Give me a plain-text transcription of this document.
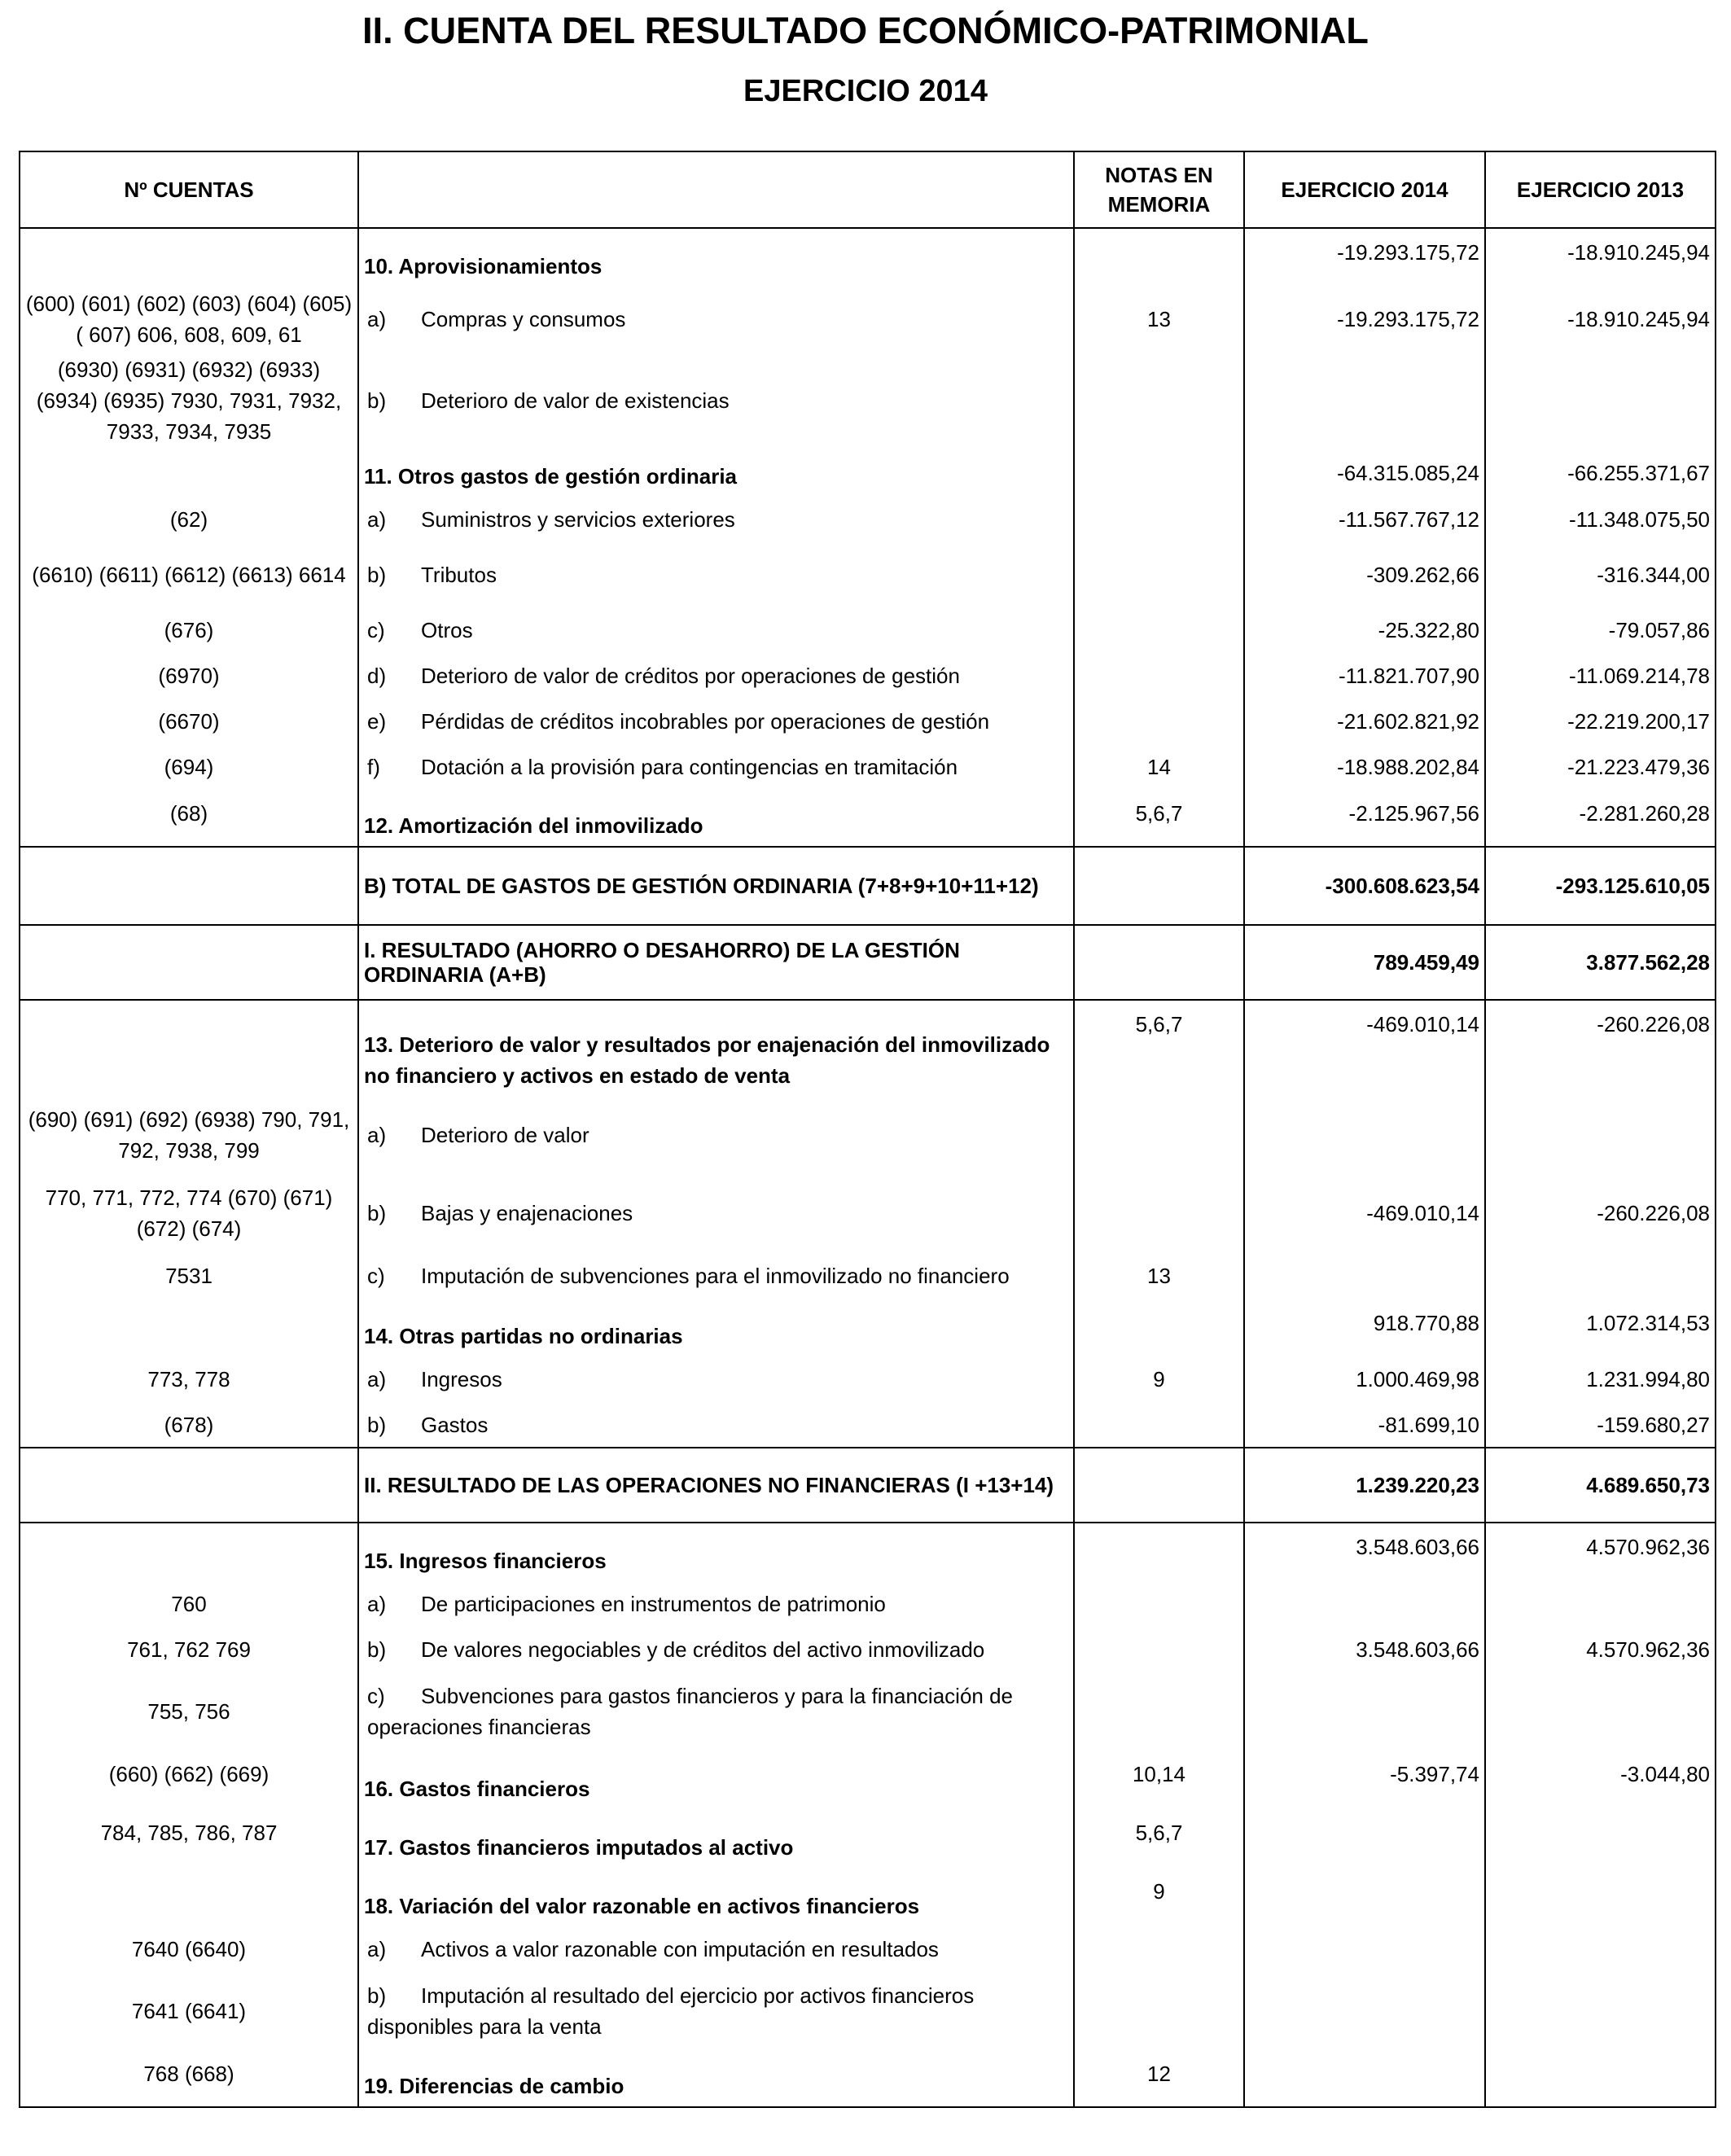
II. CUENTA DEL RESULTADO ECONÓMICO-PATRIMONIAL
EJERCICIO 2014
Nº CUENTAS		NOTAS EN MEMORIA	EJERCICIO 2014	EJERCICIO 2013
	10. Aprovisionamientos		-19.293.175,72	-18.910.245,94
(600) (601) (602) (603) (604) (605) ( 607) 606, 608, 609, 61	a) Compras y consumos	13	-19.293.175,72	-18.910.245,94
(6930) (6931) (6932) (6933) (6934) (6935) 7930, 7931, 7932, 7933, 7934, 7935	b) Deterioro de valor de existencias			
	11. Otros gastos de gestión ordinaria		-64.315.085,24	-66.255.371,67
(62)	a) Suministros y servicios exteriores		-11.567.767,12	-11.348.075,50
(6610) (6611) (6612) (6613) 6614	b) Tributos		-309.262,66	-316.344,00
(676)	c) Otros		-25.322,80	-79.057,86
(6970)	d) Deterioro de valor de créditos por operaciones de gestión		-11.821.707,90	-11.069.214,78
(6670)	e) Pérdidas de créditos incobrables por operaciones de gestión		-21.602.821,92	-22.219.200,17
(694)	f) Dotación a la provisión para contingencias en tramitación	14	-18.988.202,84	-21.223.479,36
(68)	12. Amortización del inmovilizado	5,6,7	-2.125.967,56	-2.281.260,28
	B) TOTAL DE GASTOS DE GESTIÓN ORDINARIA (7+8+9+10+11+12)		-300.608.623,54	-293.125.610,05
	I. RESULTADO (AHORRO O DESAHORRO) DE LA GESTIÓN ORDINARIA (A+B)		789.459,49	3.877.562,28
	13. Deterioro de valor y resultados por enajenación del inmovilizado no financiero y activos en estado de venta	5,6,7	-469.010,14	-260.226,08
(690) (691) (692) (6938) 790, 791, 792, 7938, 799	a) Deterioro de valor			
770, 771, 772, 774 (670) (671) (672) (674)	b) Bajas y enajenaciones		-469.010,14	-260.226,08
7531	c) Imputación de subvenciones para el inmovilizado no financiero	13		
	14. Otras partidas no ordinarias		918.770,88	1.072.314,53
773, 778	a) Ingresos	9	1.000.469,98	1.231.994,80
(678)	b) Gastos		-81.699,10	-159.680,27
	II. RESULTADO DE LAS OPERACIONES NO FINANCIERAS (I +13+14)		1.239.220,23	4.689.650,73
	15. Ingresos financieros		3.548.603,66	4.570.962,36
760	a) De participaciones en instrumentos de patrimonio			
761, 762 769	b) De valores negociables y de créditos del activo inmovilizado		3.548.603,66	4.570.962,36
755, 756	c) Subvenciones para gastos financieros y para la financiación de operaciones financieras			
(660) (662) (669)	16. Gastos financieros	10,14	-5.397,74	-3.044,80
784, 785, 786, 787	17. Gastos financieros imputados al activo	5,6,7		
	18. Variación del valor razonable en activos financieros	9		
7640 (6640)	a) Activos a valor razonable con imputación en resultados			
7641 (6641)	b) Imputación al resultado del ejercicio por activos financieros disponibles para la venta			
768 (668)	19. Diferencias de cambio	12		
